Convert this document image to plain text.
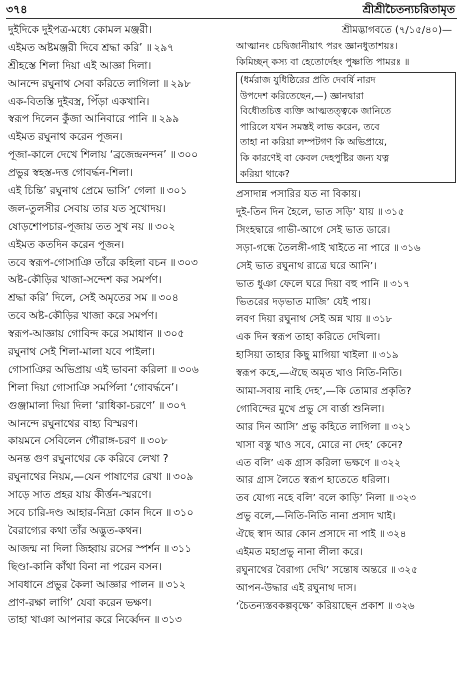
৩৭৪	শ্রীশ্রীচৈতন্যচরিতামৃত
দুইদিকে দুইপত্র-মধ্যে কোমল মঞ্জরী।
এইমত অষ্টমঞ্জরী দিবে শ্রদ্ধা করি’ ॥ ২৯৭
শ্রীহস্তে শিলা দিয়া এই আজ্ঞা দিলা।
আনন্দে রঘুনাথ সেবা করিতে লাগিলা ॥ ২৯৮
এক-বিতস্তি দুইবস্ত্র, পিঁড়া একখানি।
স্বরূপ দিলেন কুঁজা আনিবারে পানি ॥ ২৯৯
এইমত রঘুনাথ করেন পূজন।
পূজা-কালে দেখে শিলায় ‘ব্রজেন্দ্রনন্দন’ ॥ ৩০০
প্রভুর স্বহস্ত-দত্ত গোবর্দ্ধন-শিলা।
এই চিন্তি’ রঘুনাথ প্রেমে ভাসি’ গেলা ॥ ৩০১
জল-তুলসীর সেবায় তার যত সুখোদয়।
ষোড়শোপচার-পূজায় তত সুখ নয় ॥ ৩০২
এইমত কতদিন করেন পূজন।
তবে স্বরূপ-গোসাঞি তাঁরে কহিলা বচন ॥ ৩০৩
অষ্ট-কৌড়ির খাজা-সন্দেশ কর সমর্পণ।
শ্রদ্ধা করি’ দিলে, সেই অমৃতের সম ॥ ৩০৪
তবে অষ্ট-কৌড়ির খাজা করে সমর্পণ।
স্বরূপ-আজ্ঞায় গোবিন্দ করে সমাধান ॥ ৩০৫
রঘুনাথ সেই শিলা-মালা যবে পাইলা।
গোসাঞির অভিপ্রায় এই ভাবনা করিলা ॥ ৩০৬
শিলা দিয়া গোসাঞি সমর্পিলা ‘গোবর্দ্ধনে’।
গুঞ্জামালা দিয়া দিলা ‘রাধিকা-চরণে’ ॥ ৩০৭
আনন্দে রঘুনাথের বাহ্য বিস্মরণ।
কায়মনে সেবিলেন গৌরাঙ্গ-চরণ ॥ ৩০৮
অনন্ত গুণ রঘুনাথের কে করিবে লেখা ?
রঘুনাথের নিয়ম,—যেন পাষাণের রেখা ॥ ৩০৯
সাড়ে সাত প্রহর যায় কীর্ত্তন-স্মরণে।
সবে চারি-দণ্ড আহার-নিদ্রা কোন দিনে ॥ ৩১০
বৈরাগ্যের কথা তাঁর অদ্ভুত-কথন।
আজন্ম না দিলা জিহ্বায় রসের স্পর্শন ॥ ৩১১
ছিণ্ডা-কানি কাঁথা বিনা না পরেন বসন।
সাবধানে প্রভুর কৈলা আজ্ঞার পালন ॥ ৩১২
প্রাণ-রক্ষা লাগি’ যেবা করেন ভক্ষণ।
তাহা খাঞা আপনার করে নির্ব্বেদন ॥ ৩১৩
শ্রীমদ্ভাগবতে (৭/১৫/৪০)—
আত্মানং চেদ্বিজানীয়াৎ পরং জ্ঞানধুতাশয়ঃ।
কিমিচ্ছন্ কস্য বা হেতোর্দেহং পুষ্ণাতি পামরঃ ॥
(ধর্মরাজ যুধিষ্ঠিরের প্রতি দেবর্ষি নারদ
উপদেশ করিতেছেন,—) জ্ঞানদ্বারা
বিধৌতচিত্ত ব্যক্তি আত্মতত্ত্বকে জানিতে
পারিলে যখন সমস্তই লাভ করেন, তবে
তাহা না করিয়া লম্পটগণ কি অভিপ্রায়ে,
কি কারণেই বা কেবল দেহপুষ্টির জন্য যত্ন
করিয়া থাকে?
প্রসাদান্ন পসারির যত না বিকায়।
দুই-তিন দিন হৈলে, ভাত সড়ি’ যায় ॥ ৩১৫
সিংহদ্বারে গাভী-আগে সেই ভাত ডারে।
সড়া-গন্ধে তৈলঙ্গী-গাই খাইতে না পারে ॥ ৩১৬
সেই ভাত রঘুনাথ রাত্রে ঘরে আনি’।
ভাত ধুঞা ফেলে ঘরে দিয়া বহু পানি ॥ ৩১৭
ভিতরের দড়ভাত মাজি’ যেই পায়।
লবণ দিয়া রঘুনাথ সেই অন্ন খায় ॥ ৩১৮
এক দিন স্বরূপ তাহা করিতে দেখিলা।
হাসিয়া তাহার কিছু মাগিয়া খাইলা ॥ ৩১৯
স্বরূপ কহে,—ঐছে অমৃত খাও নিতি-নিতি।
আমা-সবায় নাহি দেহ’,—কি তোমার প্রকৃতি?
গোবিন্দের মুখে প্রভু সে বার্ত্তা শুনিলা।
আর দিন আসি’ প্রভু কহিতে লাগিলা ॥ ৩২১
খাসা বস্তু খাও সবে, মোরে না দেহ’ কেনে?
এত বলি’ এক গ্রাস করিলা ভক্ষণে ॥ ৩২২
আর গ্রাস লৈতে স্বরূপ হাতেতে ধরিলা।
তব যোগ্য নহে বলি’ বলে কাড়ি’ নিলা ॥ ৩২৩
প্রভু বলে,—নিতি-নিতি নানা প্রসাদ খাই।
ঐছে স্বাদ আর কোন প্রসাদে না পাই ॥ ৩২৪
এইমত মহাপ্রভু নানা লীলা করে।
রঘুনাথের বৈরাগ্য দেখি’ সন্তোষ অন্তরে ॥ ৩২৫
আপন-উদ্ধার এই রঘুনাথ দাস।
‘চৈতন্যস্তবকল্পবৃক্ষে’ করিয়াছেন প্রকাশ ॥ ৩২৬
